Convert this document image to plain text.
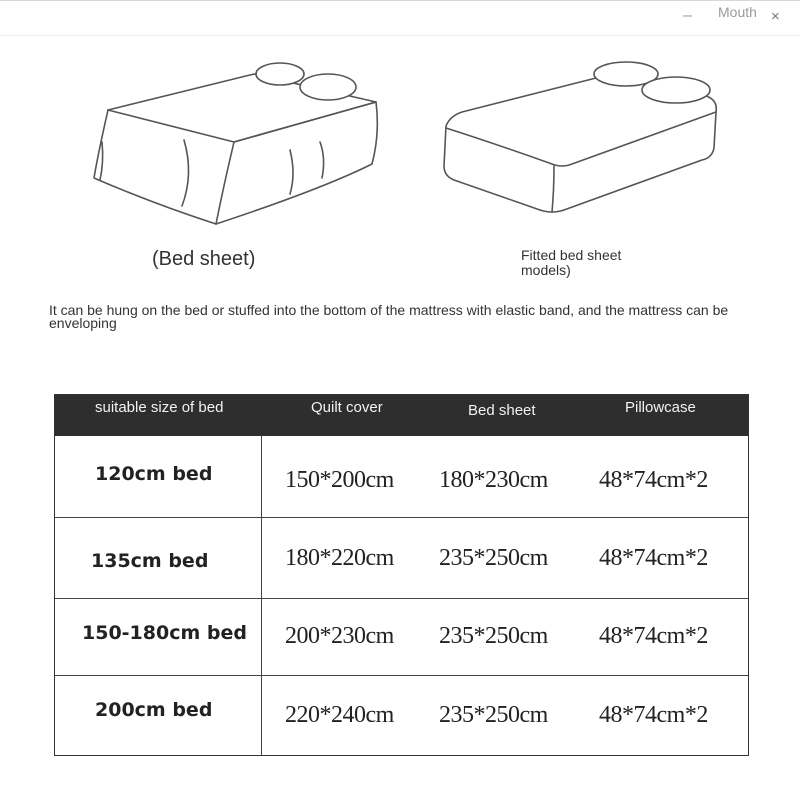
– Mouth ×
(Bed sheet)	Fitted bed sheet models)
It can be hung on the bed or stuffed into the bottom of the mattress with elastic band, and the mattress can be enveloping
suitable size of bed	Quilt cover	Bed sheet	Pillowcase
120cm bed	150*200cm 180*230cm 48*74cm*2
135cm bed	180*220cm 235*250cm 48*74cm*2
150-180cm bed 200*230cm 235*250cm 48*74cm*2
200cm bed	220*240cm 235*250cm 48*74cm*2
